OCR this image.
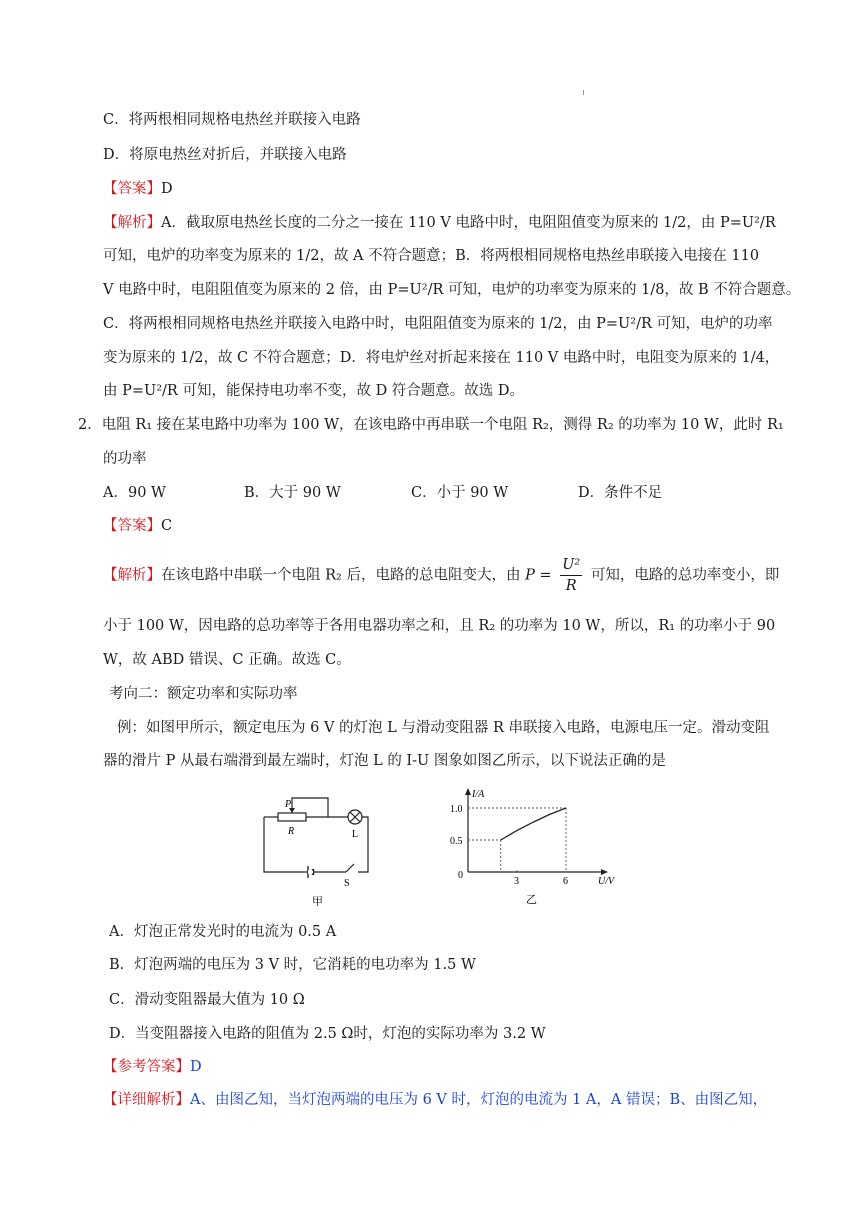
C．将两根相同规格电热丝并联接入电路
D．将原电热丝对折后，并联接入电路
【答案】D
【解析】A．截取原电热丝长度的二分之一接在 110 V 电路中时，电阻阻值变为原来的 1/2，由 P=U²/R
可知，电炉的功率变为原来的 1/2，故 A 不符合题意；B．将两根相同规格电热丝串联接入电接在 110
V 电路中时，电阻阻值变为原来的 2 倍，由 P=U²/R 可知，电炉的功率变为原来的 1/8，故 B 不符合题意。
C．将两根相同规格电热丝并联接入电路中时，电阻阻值变为原来的 1/2，由 P=U²/R 可知，电炉的功率
变为原来的 1/2，故 C 不符合题意；D．将电炉丝对折起来接在 110 V 电路中时，电阻变为原来的 1/4，
由 P=U²/R 可知，能保持电功率不变，故 D 符合题意。故选 D。
2．电阻 R₁ 接在某电路中功率为 100 W，在该电路中再串联一个电阻 R₂，测得 R₂ 的功率为 10 W，此时 R₁
的功率
A．90 W	B．大于 90 W	C．小于 90 W	D．条件不足
【答案】C
【解析】在该电路中串联一个电阻 R₂ 后，电路的总电阻变大，由 $P = \frac{\text{U²}}{R}$ 可知，电路的总功率变小，即
小于 100 W，因电路的总功率等于各用电器功率之和，且 R₂ 的功率为 10 W，所以，R₁ 的功率小于 90
W，故 ABD 错误、C 正确。故选 C。
考向二：额定功率和实际功率
例：如图甲所示，额定电压为 6 V 的灯泡 L 与滑动变阻器 R 串联接入电路，电源电压一定。滑动变阻
器的滑片 P 从最右端滑到最左端时，灯泡 L 的 I-U 图象如图乙所示，以下说法正确的是
P
R	L
S
甲
I/A
U/V
0
1.0
0.5
3	6
乙
A．灯泡正常发光时的电流为 0.5 A
B．灯泡两端的电压为 3 V 时，它消耗的电功率为 1.5 W
C．滑动变阻器最大值为 10 Ω
D．当变阻器接入电路的阻值为 2.5 Ω时，灯泡的实际功率为 3.2 W
【参考答案】D
【详细解析】A、由图乙知，当灯泡两端的电压为 6 V 时，灯泡的电流为 1 A，A 错误；B、由图乙知，
